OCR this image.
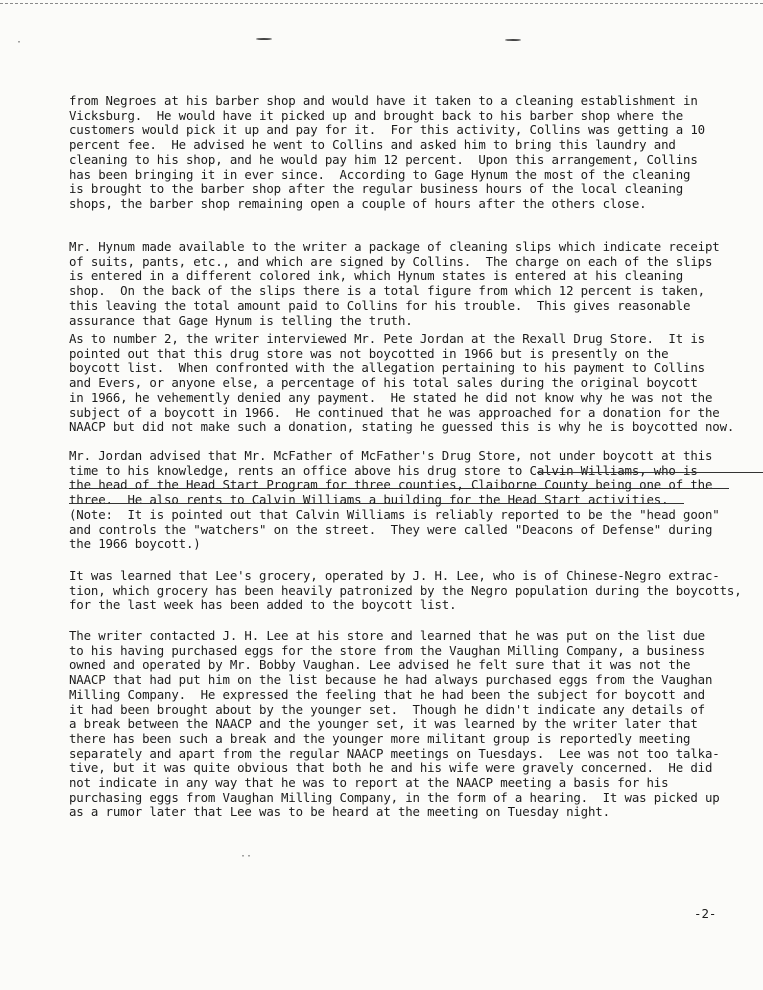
·
··

from Negroes at his barber shop and would have it taken to a cleaning establishment in
Vicksburg.  He would have it picked up and brought back to his barber shop where the
customers would pick it up and pay for it.  For this activity, Collins was getting a 10
percent fee.  He advised he went to Collins and asked him to bring this laundry and
cleaning to his shop, and he would pay him 12 percent.  Upon this arrangement, Collins
has been bringing it in ever since.  According to Gage Hynum the most of the cleaning
is brought to the barber shop after the regular business hours of the local cleaning
shops, the barber shop remaining open a couple of hours after the others close.

Mr. Hynum made available to the writer a package of cleaning slips which indicate receipt
of suits, pants, etc., and which are signed by Collins.  The charge on each of the slips
is entered in a different colored ink, which Hynum states is entered at his cleaning
shop.  On the back of the slips there is a total figure from which 12 percent is taken,
this leaving the total amount paid to Collins for his trouble.  This gives reasonable
assurance that Gage Hynum is telling the truth.

As to number 2, the writer interviewed Mr. Pete Jordan at the Rexall Drug Store.  It is
pointed out that this drug store was not boycotted in 1966 but is presently on the
boycott list.  When confronted with the allegation pertaining to his payment to Collins
and Evers, or anyone else, a percentage of his total sales during the original boycott
in 1966, he vehemently denied any payment.  He stated he did not know why he was not the
subject of a boycott in 1966.  He continued that he was approached for a donation for the
NAACP but did not make such a donation, stating he guessed this is why he is boycotted now.

Mr. Jordan advised that Mr. McFather of McFather's Drug Store, not under boycott at this
time to his knowledge, rents an office above his drug store to Calvin Williams, who is
the head of the Head Start Program for three counties, Claiborne County being one of the
three.  He also rents to Calvin Williams a building for the Head Start activities.
(Note:  It is pointed out that Calvin Williams is reliably reported to be the "head goon"
and controls the "watchers" on the street.  They were called "Deacons of Defense" during
the 1966 boycott.)

It was learned that Lee's grocery, operated by J. H. Lee, who is of Chinese-Negro extrac-
tion, which grocery has been heavily patronized by the Negro population during the boycotts,
for the last week has been added to the boycott list.

The writer contacted J. H. Lee at his store and learned that he was put on the list due
to his having purchased eggs for the store from the Vaughan Milling Company, a business
owned and operated by Mr. Bobby Vaughan. Lee advised he felt sure that it was not the
NAACP that had put him on the list because he had always purchased eggs from the Vaughan
Milling Company.  He expressed the feeling that he had been the subject for boycott and
it had been brought about by the younger set.  Though he didn't indicate any details of
a break between the NAACP and the younger set, it was learned by the writer later that
there has been such a break and the younger more militant group is reportedly meeting
separately and apart from the regular NAACP meetings on Tuesdays.  Lee was not too talka-
tive, but it was quite obvious that both he and his wife were gravely concerned.  He did
not indicate in any way that he was to report at the NAACP meeting a basis for his
purchasing eggs from Vaughan Milling Company, in the form of a hearing.  It was picked up
as a rumor later that Lee was to be heard at the meeting on Tuesday night.

-2-
